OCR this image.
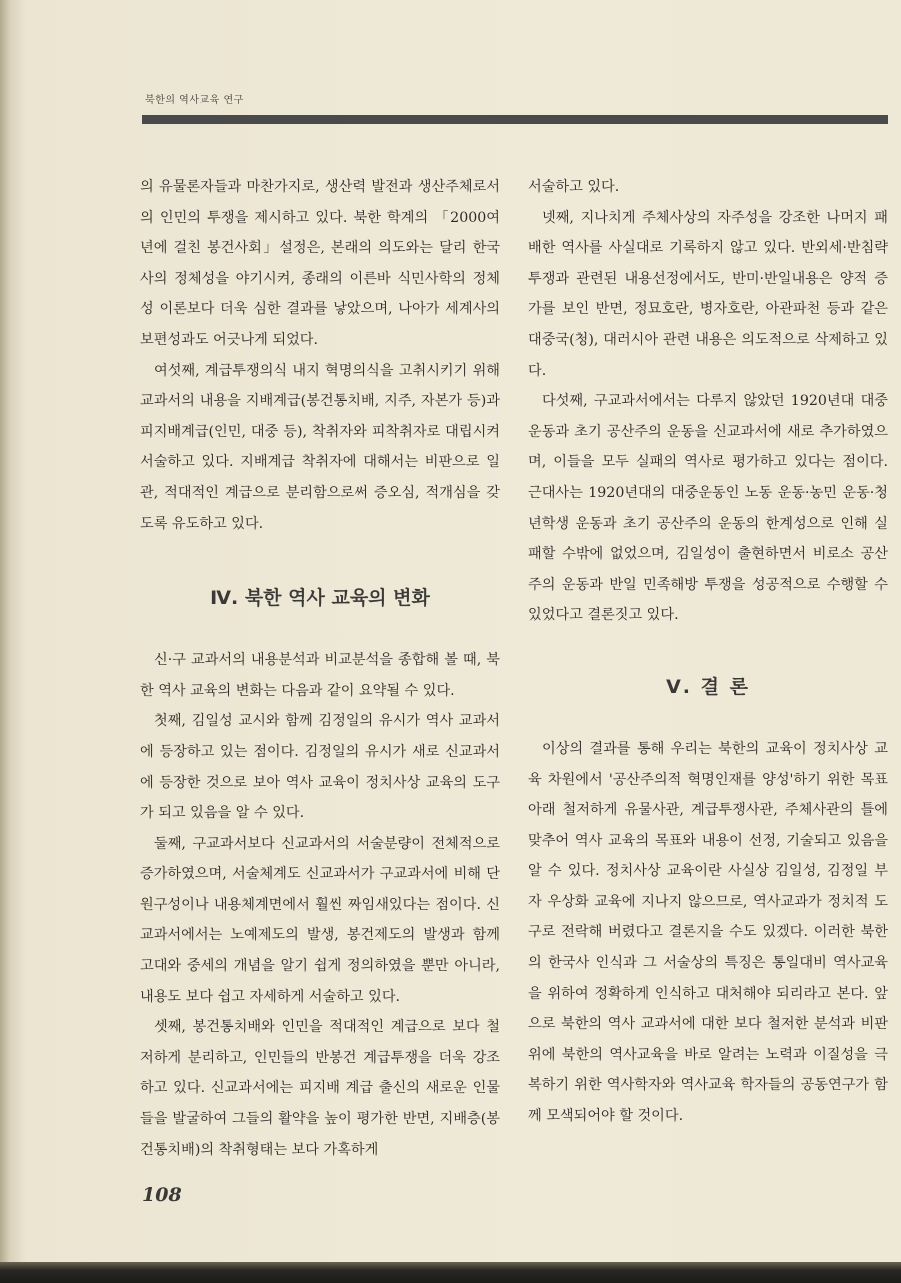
북한의 역사교육 연구

의 유물론자들과 마찬가지로, 생산력 발전과 생산주체로서의 인민의 투쟁을 제시하고 있다. 북한 학계의 「2000여년에 걸친 봉건사회」설정은, 본래의 의도와는 달리 한국사의 정체성을 야기시켜, 종래의 이른바 식민사학의 정체성 이론보다 더욱 심한 결과를 낳았으며, 나아가 세계사의 보편성과도 어긋나게 되었다.

여섯째, 계급투쟁의식 내지 혁명의식을 고취시키기 위해 교과서의 내용을 지배계급(봉건통치배, 지주, 자본가 등)과 피지배계급(인민, 대중 등), 착취자와 피착취자로 대립시켜 서술하고 있다. 지배계급 착취자에 대해서는 비판으로 일관, 적대적인 계급으로 분리함으로써 증오심, 적개심을 갖도록 유도하고 있다.

Ⅳ. 북한 역사 교육의 변화

신·구 교과서의 내용분석과 비교분석을 종합해 볼 때, 북한 역사 교육의 변화는 다음과 같이 요약될 수 있다.

첫째, 김일성 교시와 함께 김정일의 유시가 역사 교과서에 등장하고 있는 점이다. 김정일의 유시가 새로 신교과서에 등장한 것으로 보아 역사 교육이 정치사상 교육의 도구가 되고 있음을 알 수 있다.

둘째, 구교과서보다 신교과서의 서술분량이 전체적으로 증가하였으며, 서술체계도 신교과서가 구교과서에 비해 단원구성이나 내용체계면에서 훨씬 짜임새있다는 점이다. 신교과서에서는 노예제도의 발생, 봉건제도의 발생과 함께 고대와 중세의 개념을 알기 쉽게 정의하였을 뿐만 아니라, 내용도 보다 쉽고 자세하게 서술하고 있다.

셋째, 봉건통치배와 인민을 적대적인 계급으로 보다 철저하게 분리하고, 인민들의 반봉건 계급투쟁을 더욱 강조하고 있다. 신교과서에는 피지배 계급 출신의 새로운 인물들을 발굴하여 그들의 활약을 높이 평가한 반면, 지배층(봉건통치배)의 착취형태는 보다 가혹하게

서술하고 있다.

넷째, 지나치게 주체사상의 자주성을 강조한 나머지 패배한 역사를 사실대로 기록하지 않고 있다. 반외세·반침략 투쟁과 관련된 내용선정에서도, 반미·반일내용은 양적 증가를 보인 반면, 정묘호란, 병자호란, 아관파천 등과 같은 대중국(청), 대러시아 관련 내용은 의도적으로 삭제하고 있다.

다섯째, 구교과서에서는 다루지 않았던 1920년대 대중 운동과 초기 공산주의 운동을 신교과서에 새로 추가하였으며, 이들을 모두 실패의 역사로 평가하고 있다는 점이다. 근대사는 1920년대의 대중운동인 노동 운동·농민 운동·청년학생 운동과 초기 공산주의 운동의 한계성으로 인해 실패할 수밖에 없었으며, 김일성이 출현하면서 비로소 공산주의 운동과 반일 민족해방 투쟁을 성공적으로 수행할 수 있었다고 결론짓고 있다.

Ⅴ. 결 론

이상의 결과를 통해 우리는 북한의 교육이 정치사상 교육 차원에서 '공산주의적 혁명인재를 양성'하기 위한 목표 아래 철저하게 유물사관, 계급투쟁사관, 주체사관의 틀에 맞추어 역사 교육의 목표와 내용이 선정, 기술되고 있음을 알 수 있다. 정치사상 교육이란 사실상 김일성, 김정일 부자 우상화 교육에 지나지 않으므로, 역사교과가 정치적 도구로 전락해 버렸다고 결론지을 수도 있겠다. 이러한 북한의 한국사 인식과 그 서술상의 특징은 통일대비 역사교육을 위하여 정확하게 인식하고 대처해야 되리라고 본다. 앞으로 북한의 역사 교과서에 대한 보다 철저한 분석과 비판 위에 북한의 역사교육을 바로 알려는 노력과 이질성을 극복하기 위한 역사학자와 역사교육 학자들의 공동연구가 함께 모색되어야 할 것이다.

108
